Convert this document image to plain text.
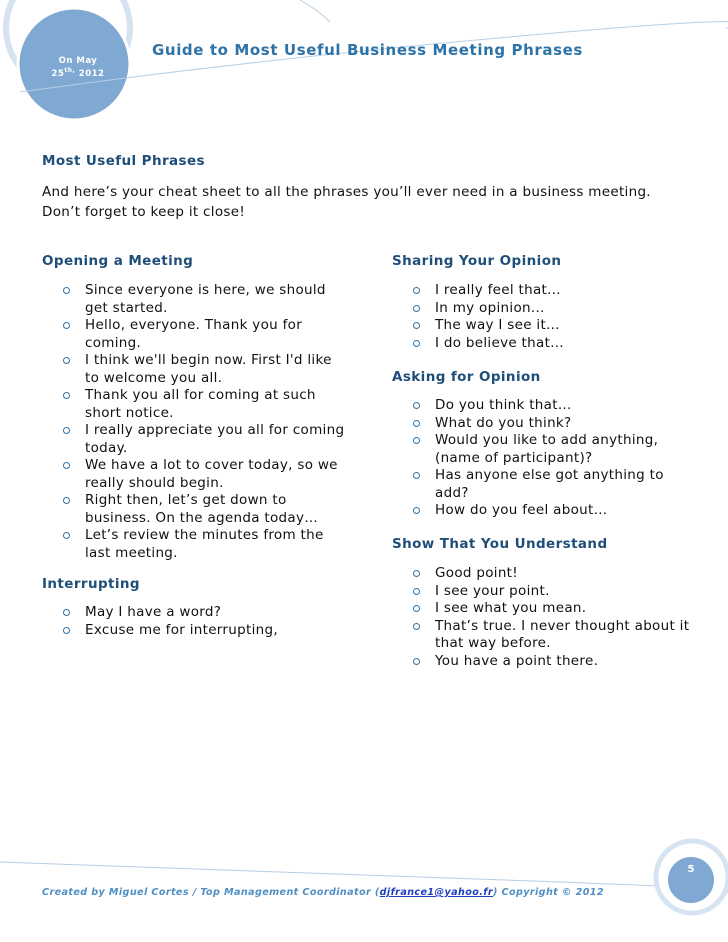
On May
$25^{th,}$ 2012
Guide to Most Useful Business Meeting Phrases
Most Useful Phrases
And here’s your cheat sheet to all the phrases you’ll ever need in a business meeting.
Don’t forget to keep it close!
Opening a Meeting
Since everyone is here, we should
get started.
Hello, everyone. Thank you for
coming.
I think we'll begin now. First I'd like
to welcome you all.
Thank you all for coming at such
short notice.
I really appreciate you all for coming
today.
We have a lot to cover today, so we
really should begin.
Right then, let’s get down to
business. On the agenda today…
Let’s review the minutes from the
last meeting.
Interrupting
May I have a word?
Excuse me for interrupting,
Sharing Your Opinion
I really feel that...
In my opinion...
The way I see it…
I do believe that…
Asking for Opinion
Do you think that...
What do you think?
Would you like to add anything,
(name of participant)?
Has anyone else got anything to
add?
How do you feel about…
Show That You Understand
Good point!
I see your point.
I see what you mean.
That’s true. I never thought about it
that way before.
You have a point there.
Created by Miguel Cortes / Top Management Coordinator (djfrance1@yahoo.fr) Copyright © 2012
5
